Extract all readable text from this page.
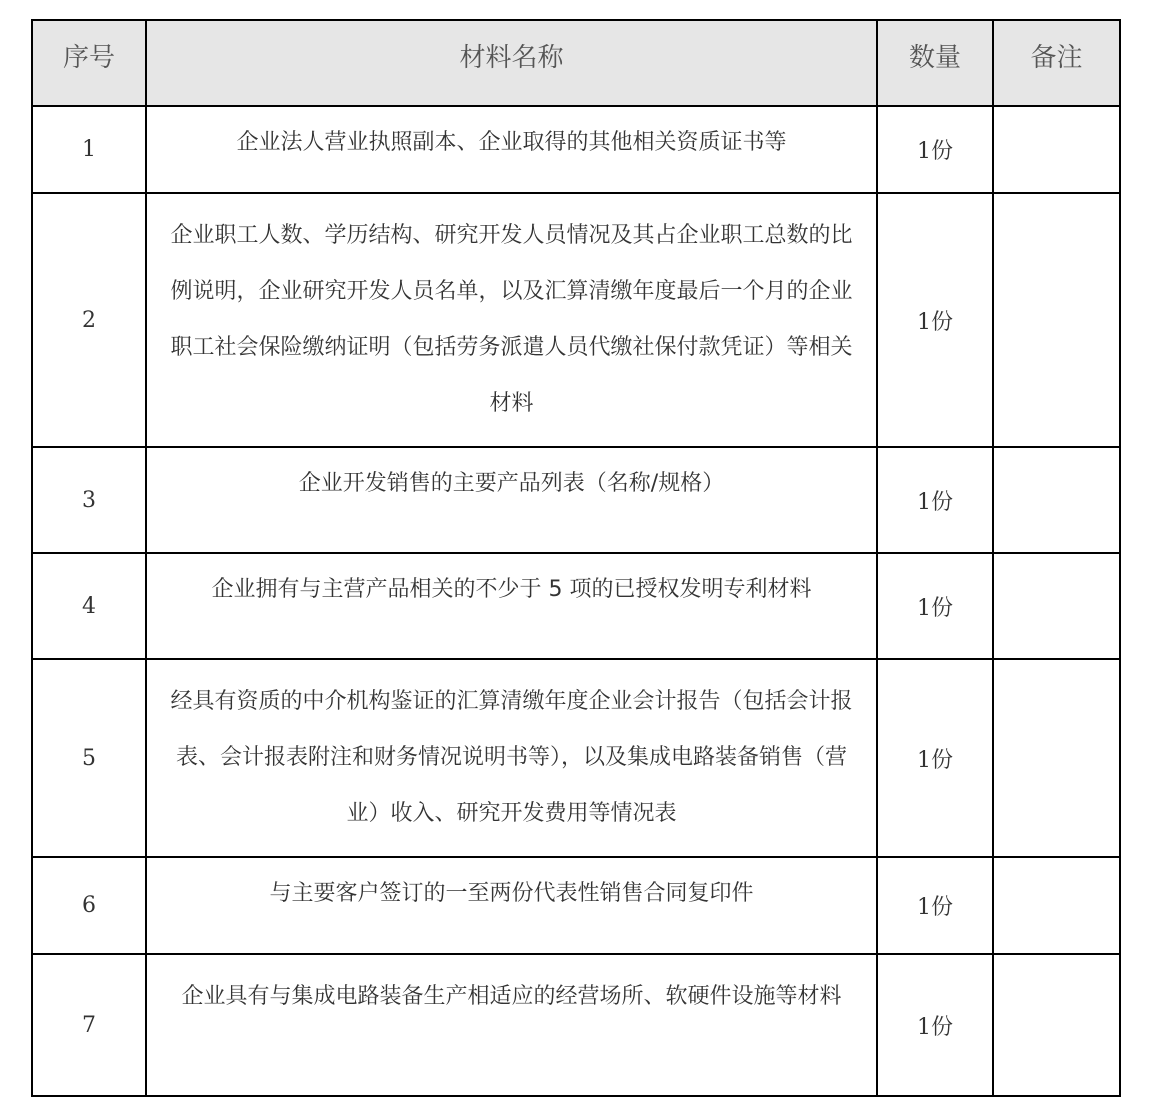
序号	材料名称	数量	备注
1	企业法人营业执照副本、企业取得的其他相关资质证书等	1份	
2	企业职工人数、学历结构、研究开发人员情况及其占企业职工总数的比例说明，企业研究开发人员名单，以及汇算清缴年度最后一个月的企业职工社会保险缴纳证明（包括劳务派遣人员代缴社保付款凭证）等相关材料	1份	
3	企业开发销售的主要产品列表（名称/规格）	1份	
4	企业拥有与主营产品相关的不少于 5 项的已授权发明专利材料	1份	
5	经具有资质的中介机构鉴证的汇算清缴年度企业会计报告（包括会计报表、会计报表附注和财务情况说明书等），以及集成电路装备销售（营业）收入、研究开发费用等情况表	1份	
6	与主要客户签订的一至两份代表性销售合同复印件	1份	
7	企业具有与集成电路装备生产相适应的经营场所、软硬件设施等材料	1份	
